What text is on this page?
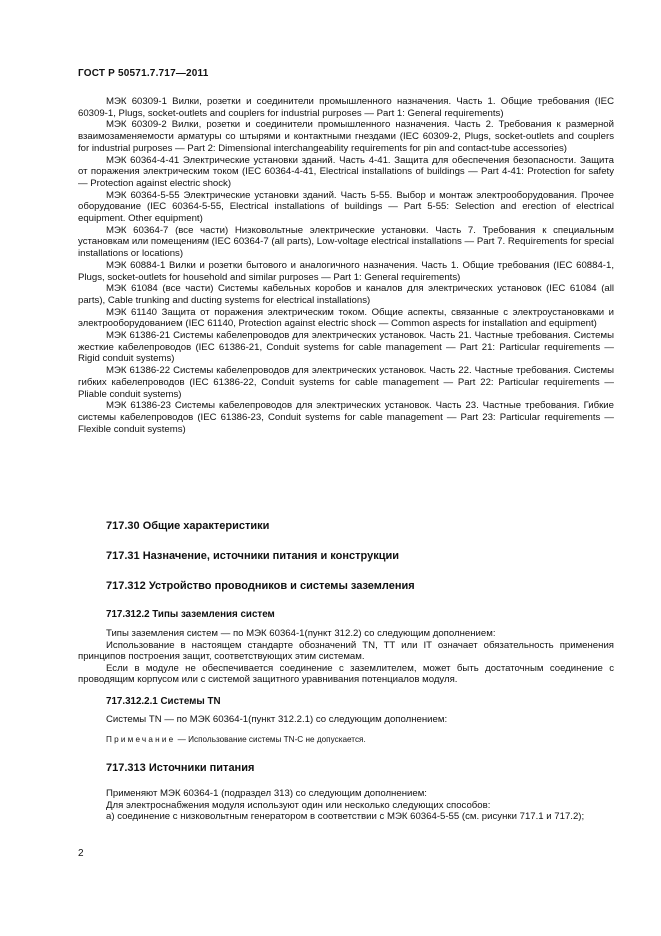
ГОСТ Р 50571.7.717—2011

МЭК 60309-1 Вилки, розетки и соединители промышленного назначения. Часть 1. Общие требования (IEC 60309-1, Plugs, socket-outlets and couplers for industrial purposes — Part 1: General requirements)

МЭК 60309-2 Вилки, розетки и соединители промышленного назначения. Часть 2. Требования к размерной взаимозаменяемости арматуры со штырями и контактными гнездами (IEC 60309-2, Plugs, socket-outlets and couplers for industrial purposes — Part 2: Dimensional interchangeability requirements for pin and contact-tube accessories)

МЭК 60364-4-41 Электрические установки зданий. Часть 4-41. Защита для обеспечения безопасности. Защита от поражения электрическим током (IEC 60364-4-41, Electrical installations of buildings — Part 4-41: Protection for safety — Protection against electric shock)

МЭК 60364-5-55 Электрические установки зданий. Часть 5-55. Выбор и монтаж электрооборудования. Прочее оборудование (IEC 60364-5-55, Electrical installations of buildings — Part 5-55: Selection and erection of electrical equipment. Other equipment)

МЭК 60364-7 (все части) Низковольтные электрические установки. Часть 7. Требования к специальным установкам или помещениям (IEC 60364-7 (all parts), Low-voltage electrical installations — Part 7. Requirements for special installations or locations)

МЭК 60884-1 Вилки и розетки бытового и аналогичного назначения. Часть 1. Общие требования (IEC 60884-1, Plugs, socket-outlets for household and similar purposes — Part 1: General requirements)

МЭК 61084 (все части) Системы кабельных коробов и каналов для электрических установок (IEC 61084 (all parts), Cable trunking and ducting systems for electrical installations)

МЭК 61140 Защита от поражения электрическим током. Общие аспекты, связанные с электроустановками и электрооборудованием (IEC 61140, Protection against electric shock — Common aspects for installation and equipment)

МЭК 61386-21 Системы кабелепроводов для электрических установок. Часть 21. Частные требования. Системы жесткие кабелепроводов (IEC 61386-21, Conduit systems for cable management — Part 21: Particular requirements — Rigid conduit systems)

МЭК 61386-22 Системы кабелепроводов для электрических установок. Часть 22. Частные требования. Системы гибких кабелепроводов (IEC 61386-22, Conduit systems for cable management — Part 22: Particular requirements — Pliable conduit systems)

МЭК 61386-23 Системы кабелепроводов для электрических установок. Часть 23. Частные требования. Гибкие системы кабелепроводов (IEC 61386-23, Conduit systems for cable management — Part 23: Particular requirements — Flexible conduit systems)

717.30 Общие характеристики
717.31 Назначение, источники питания и конструкции
717.312 Устройство проводников и системы заземления
717.312.2 Типы заземления систем

Типы заземления систем — по МЭК 60364-1(пункт 312.2) со следующим дополнением:

Использование в настоящем стандарте обозначений TN, TT или IT означает обязательность применения принципов построения защит, соответствующих этим системам.

Если в модуле не обеспечивается соединение с заземлителем, может быть достаточным соединение с проводящим корпусом или с системой защитного уравнивания потенциалов модуля.

717.312.2.1 Системы TN

Системы TN — по МЭК 60364-1(пункт 312.2.1) со следующим дополнением:

Примечание — Использование системы TN-C не допускается.

717.313 Источники питания

Применяют МЭК 60364-1 (подраздел 313) со следующим дополнением:

Для электроснабжения модуля используют один или несколько следующих способов:

а) соединение с низковольтным генератором в соответствии с МЭК 60364-5-55 (см. рисунки 717.1 и 717.2);

2
